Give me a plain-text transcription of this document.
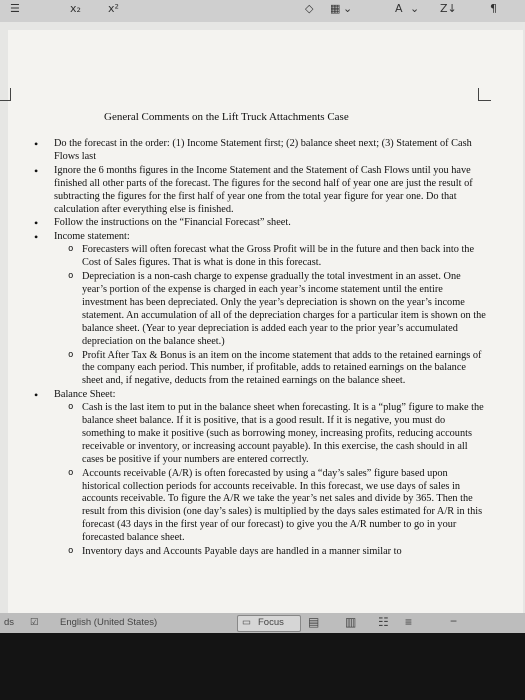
☰	x₂ x²	◇ ▦ ⌄	A ⌄ Z↓	¶
General Comments on the Lift Truck Attachments Case
• Do the forecast in the order: (1) Income Statement first; (2) balance sheet next; (3) Statement of Cash Flows last
• Ignore the 6 months figures in the Income Statement and the Statement of Cash Flows until you have finished all other parts of the forecast. The figures for the second half of year one are just the result of subtracting the figures for the first half of year one from the total year figure for year one. Do that calculation after everything else is finished.
• Follow the instructions on the “Financial Forecast” sheet.
• Income statement:
o Forecasters will often forecast what the Gross Profit will be in the future and then back into the Cost of Sales figures. That is what is done in this forecast.
o Depreciation is a non-cash charge to expense gradually the total investment in an asset. One year’s portion of the expense is charged in each year’s income statement until the entire investment has been depreciated. Only the year’s depreciation is shown on the year’s income statement. An accumulation of all of the depreciation charges for a particular item is shown on the balance sheet. (Year to year depreciation is added each year to the prior year’s accumulated depreciation on the balance sheet.)
o Profit After Tax & Bonus is an item on the income statement that adds to the retained earnings of the company each period. This number, if profitable, adds to retained earnings on the balance sheet and, if negative, deducts from the retained earnings on the balance sheet.
• Balance Sheet:
o Cash is the last item to put in the balance sheet when forecasting. It is a “plug” figure to make the balance sheet balance. If it is positive, that is a good result. If it is negative, you must do something to make it positive (such as borrowing money, increasing profits, reducing accounts receivable or inventory, or increasing account payable). In this exercise, the cash should in all cases be positive if your numbers are entered correctly.
o Accounts receivable (A/R) is often forecasted by using a “day’s sales” figure based upon historical collection periods for accounts receivable. In this forecast, we use days of sales in accounts receivable. To figure the A/R we take the year’s net sales and divide by 365. Then the result from this division (one day’s sales) is multiplied by the days sales estimated for A/R in this forecast (43 days in the first year of our forecast) to give you the A/R number to go in your forecasted balance sheet.
o Inventory days and Accounts Payable days are handled in a manner similar to
ds ☑ English (United States)	▭ Focus ▤ ▥ ☷ ≡	−
